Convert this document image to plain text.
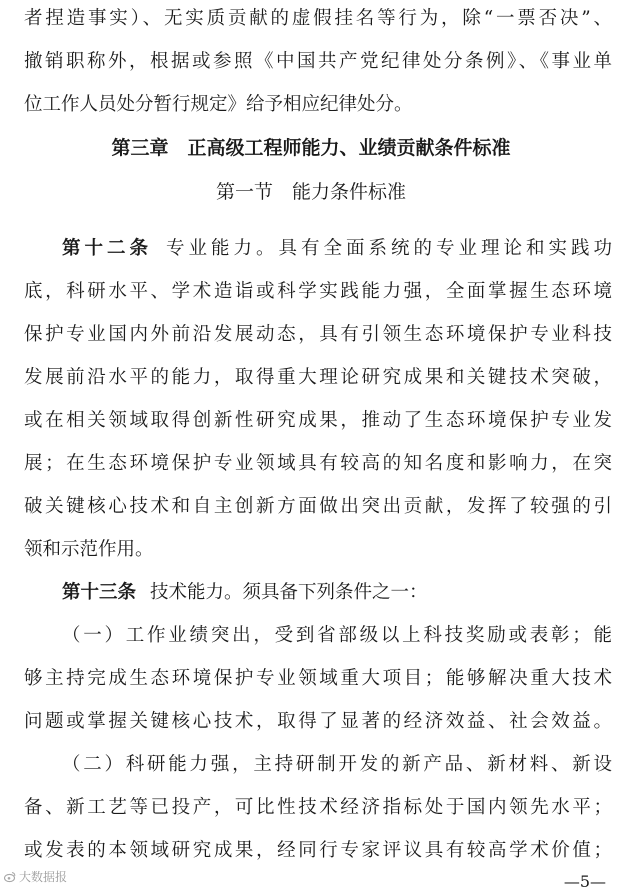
者捏造事实）、无实质贡献的虚假挂名等行为，除“一票否决”、
撤销职称外，根据或参照《中国共产党纪律处分条例》、《事业单
位工作人员处分暂行规定》给予相应纪律处分。
第三章　正高级工程师能力、业绩贡献条件标准
第一节　能力条件标准
第十二条 专业能力。具有全面系统的专业理论和实践功
底，科研水平、学术造诣或科学实践能力强，全面掌握生态环境
保护专业国内外前沿发展动态，具有引领生态环境保护专业科技
发展前沿水平的能力，取得重大理论研究成果和关键技术突破，
或在相关领域取得创新性研究成果，推动了生态环境保护专业发
展；在生态环境保护专业领域具有较高的知名度和影响力，在突
破关键核心技术和自主创新方面做出突出贡献，发挥了较强的引
领和示范作用。
第十三条 技术能力。须具备下列条件之一：
（一）工作业绩突出，受到省部级以上科技奖励或表彰；能
够主持完成生态环境保护专业领域重大项目；能够解决重大技术
问题或掌握关键核心技术，取得了显著的经济效益、社会效益。
（二）科研能力强，主持研制开发的新产品、新材料、新设
备、新工艺等已投产，可比性技术经济指标处于国内领先水平；
或发表的本领域研究成果，经同行专家评议具有较高学术价值；
大数据报	—5—
